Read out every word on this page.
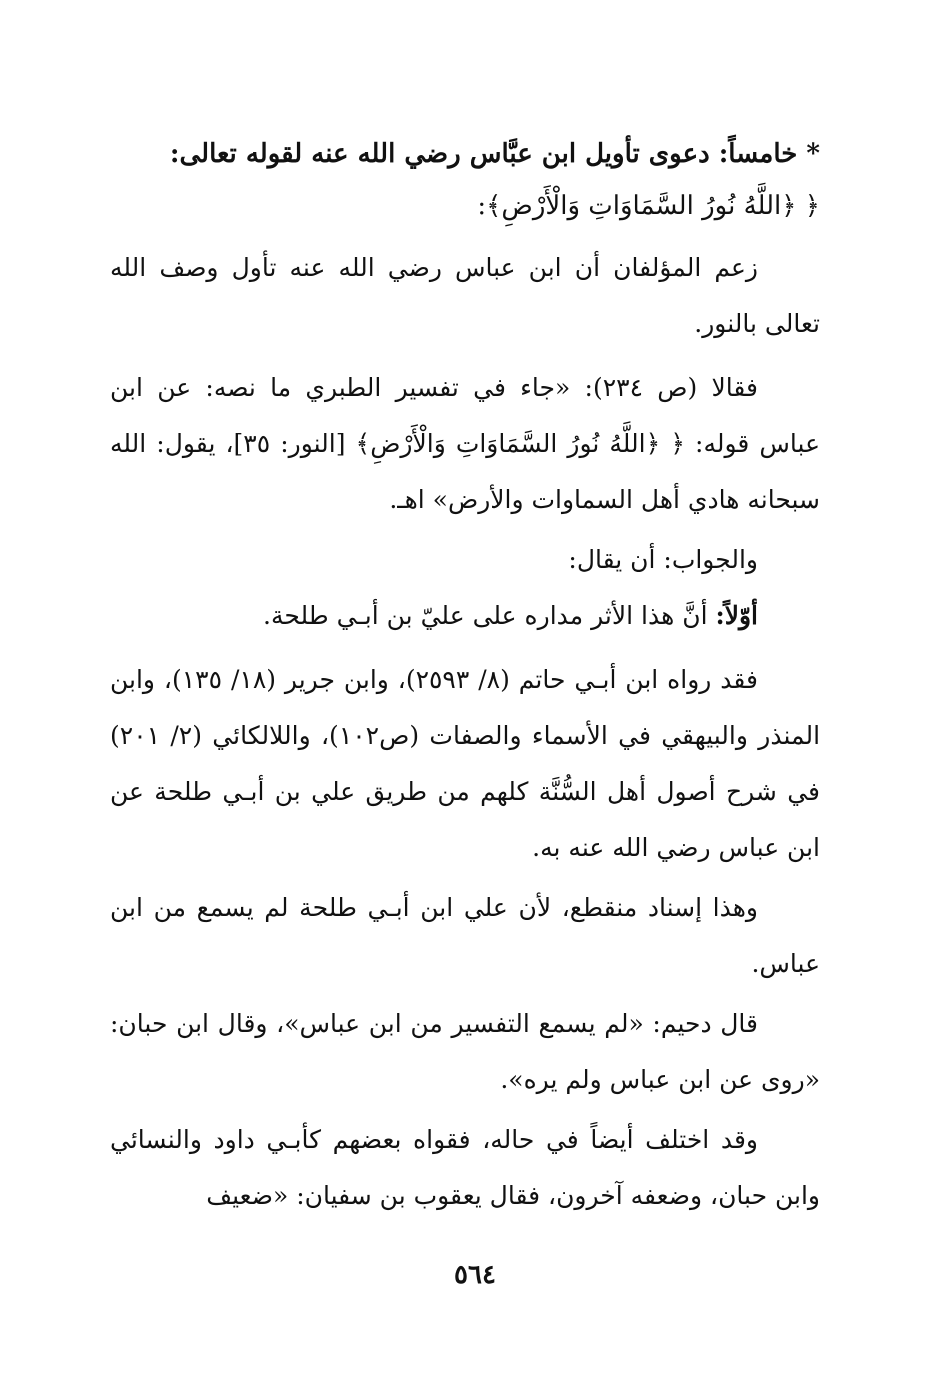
* خامساً: دعوى تأويل ابن عبَّاس رضي الله عنه لقوله تعالى:
﴿ ﴿اللَّهُ نُورُ السَّمَاوَاتِ وَالْأَرْضِ﴾:

زعم المؤلفان أن ابن عباس رضي الله عنه تأول وصف الله تعالى بالنور.

فقالا (ص ٢٣٤): «جاء في تفسير الطبري ما نصه: عن ابن عباس قوله: ﴿ ﴿اللَّهُ نُورُ السَّمَاوَاتِ وَالْأَرْضِ﴾ [النور: ٣٥]، يقول: الله سبحانه هادي أهل السماوات والأرض» اهـ.

والجواب: أن يقال:

أوّلاً: أنَّ هذا الأثر مداره على عليّ بن أبـي طلحة.

فقد رواه ابن أبـي حاتم (٨/ ٢٥٩٣)، وابن جرير (١٨/ ١٣٥)، وابن المنذر والبيهقي في الأسماء والصفات (ص١٠٢)، واللالكائي (٢/ ٢٠١) في شرح أصول أهل السُّنَّة كلهم من طريق علي بن أبـي طلحة عن ابن عباس رضي الله عنه به.

وهذا إسناد منقطع، لأن علي ابن أبـي طلحة لم يسمع من ابن عباس.

قال دحيم: «لم يسمع التفسير من ابن عباس»، وقال ابن حبان: «روى عن ابن عباس ولم يره».

وقد اختلف أيضاً في حاله، فقواه بعضهم كأبـي داود والنسائي وابن حبان، وضعفه آخرون، فقال يعقوب بن سفيان: «ضعيف

٥٦٤
